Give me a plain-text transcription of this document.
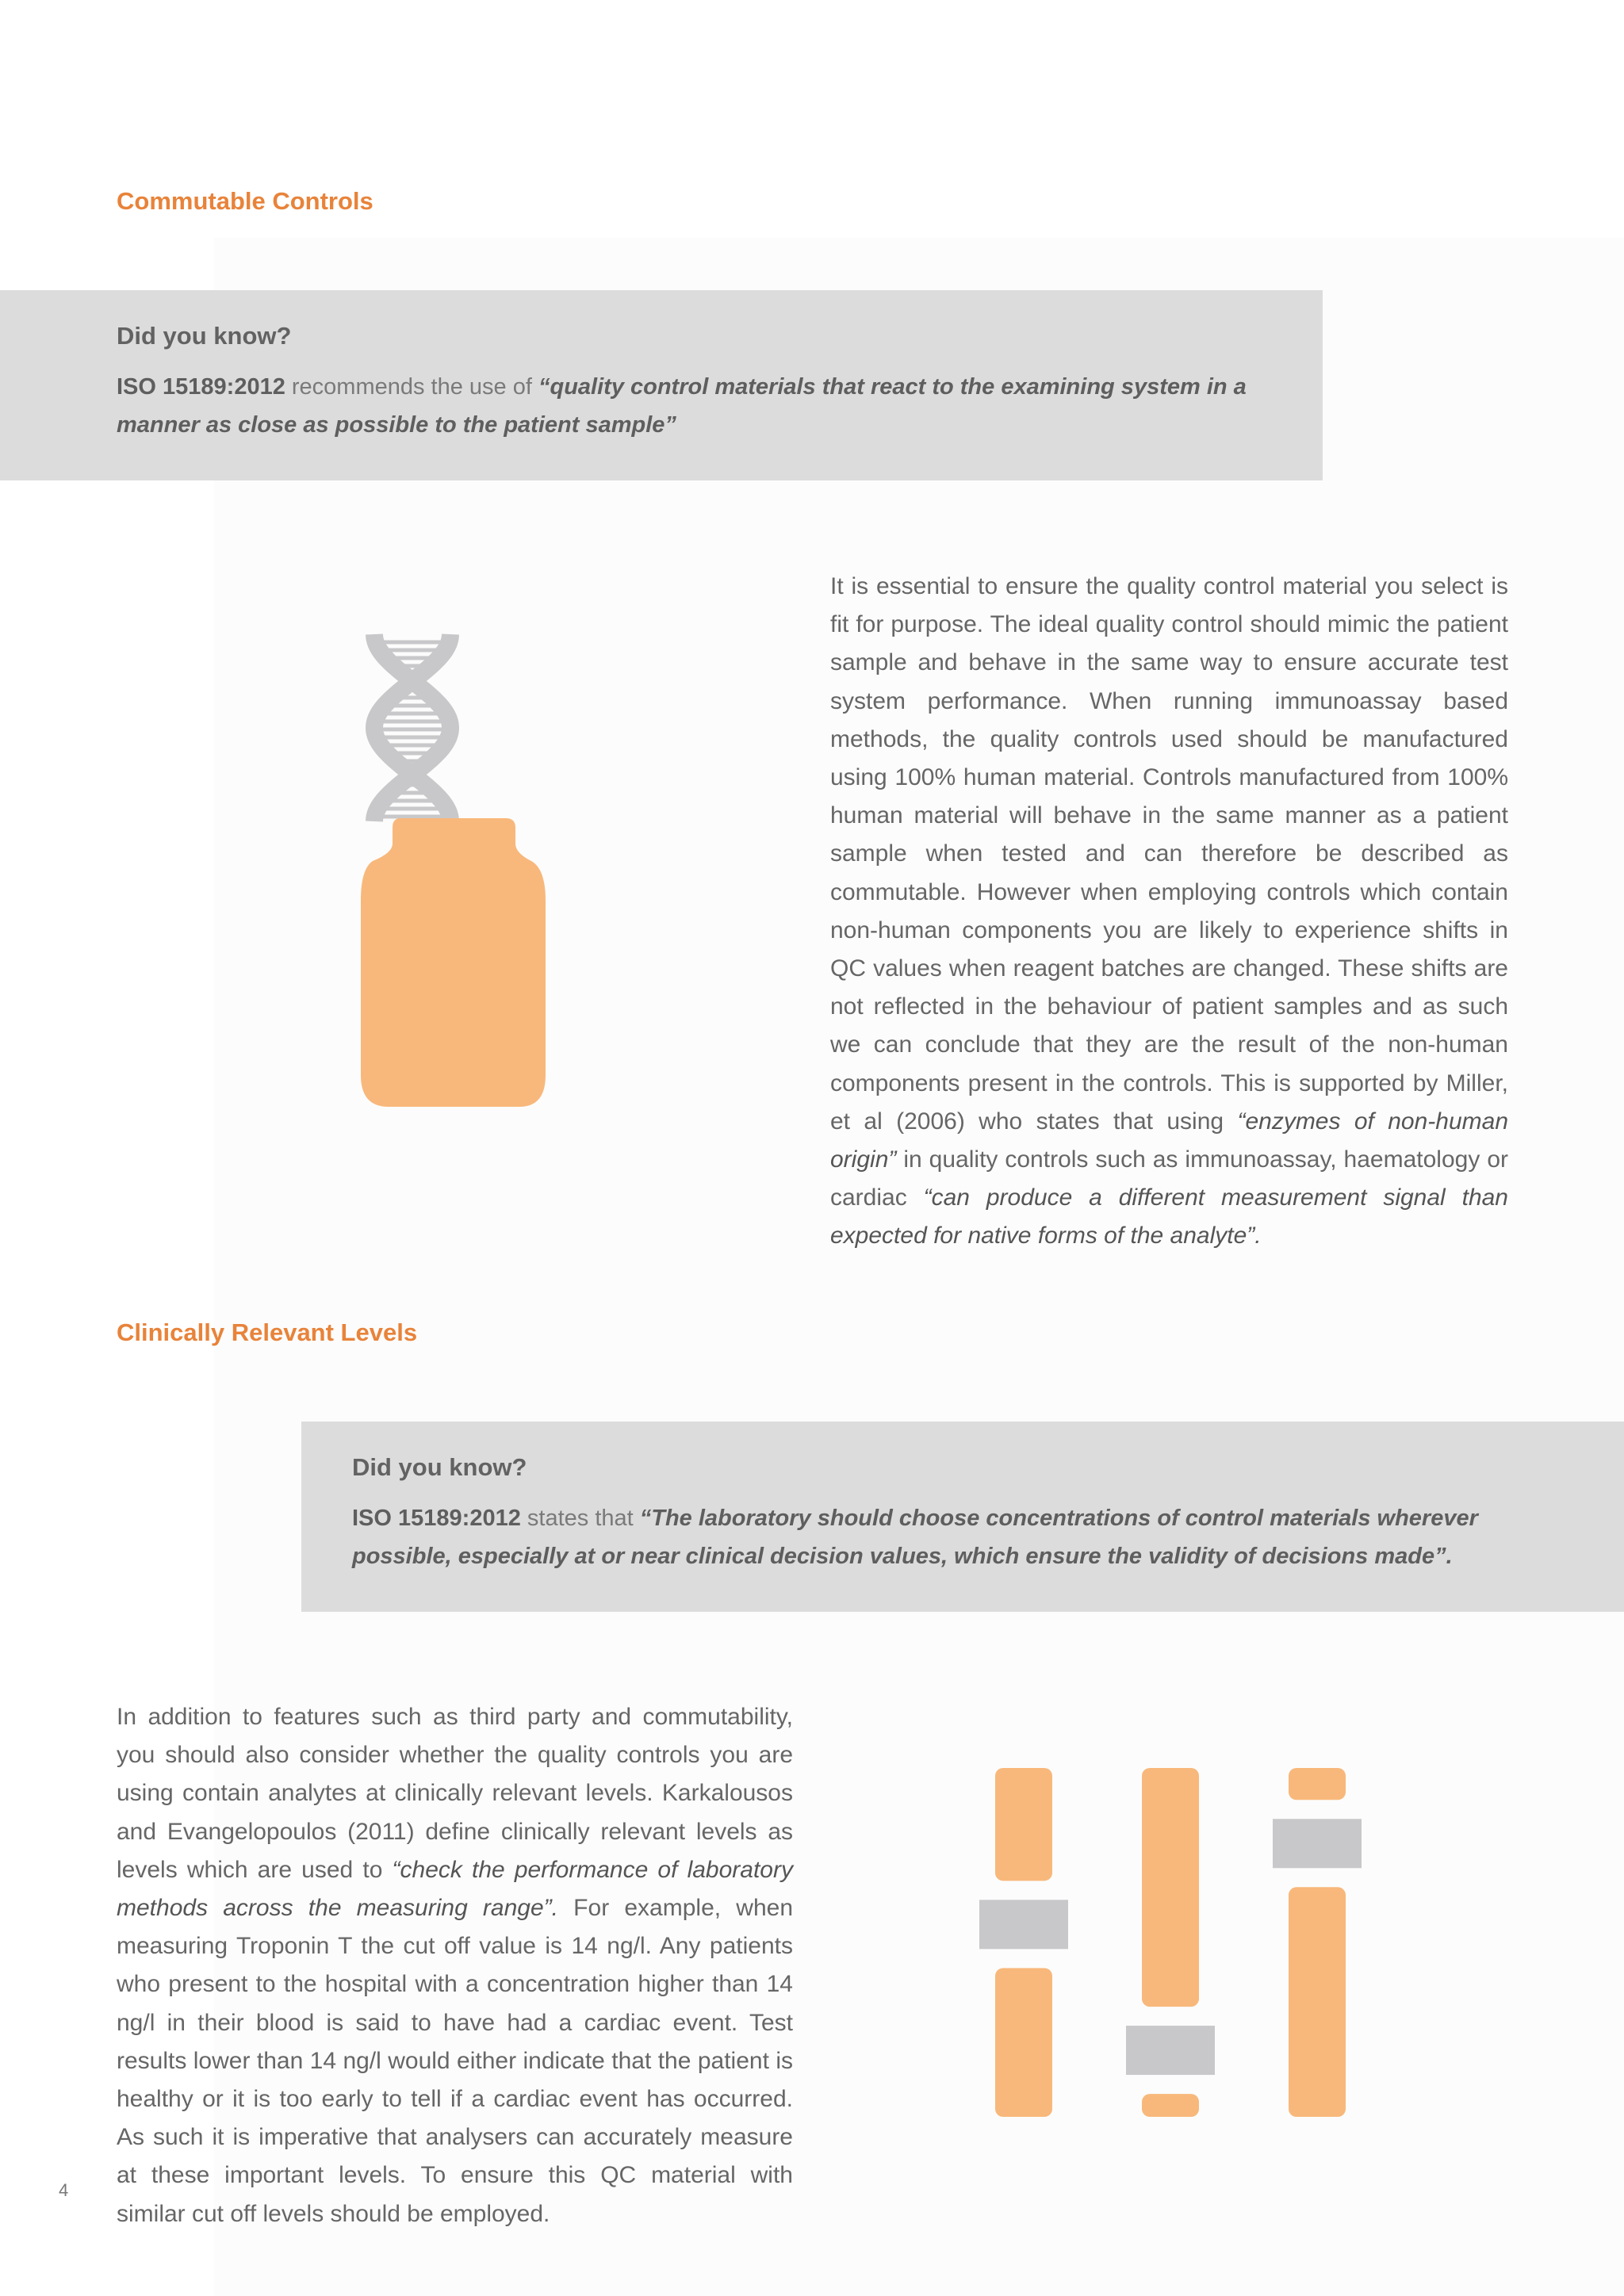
Commutable Controls

Did you know?

ISO 15189:2012 recommends the use of “quality control materials that react to the examining system in a manner as close as possible to the patient sample”

It is essential to ensure the quality control material you select is fit for purpose. The ideal quality control should mimic the patient sample and behave in the same way to ensure accurate test system performance. When running immunoassay based methods, the quality controls used should be manufactured using 100% human material. Controls manufactured from 100% human material will behave in the same manner as a patient sample when tested and can therefore be described as commutable. However when employing controls which contain non-human components you are likely to experience shifts in QC values when reagent batches are changed. These shifts are not reflected in the behaviour of patient samples and as such we can conclude that they are the result of the non-human components present in the controls. This is supported by Miller, et al (2006) who states that using “enzymes of non-human origin” in quality controls such as immunoassay, haematology or cardiac “can produce a different measurement signal than expected for native forms of the analyte”.

Clinically Relevant Levels

Did you know?

ISO 15189:2012 states that “The laboratory should choose concentrations of control materials wherever possible, especially at or near clinical decision values, which ensure the validity of decisions made”.

In addition to features such as third party and commutability, you should also consider whether the quality controls you are using contain analytes at clinically relevant levels. Karkalousos and Evangelopoulos (2011) define clinically relevant levels as levels which are used to “check the performance of laboratory methods across the measuring range”. For example, when measuring Troponin T the cut off value is 14 ng/l. Any patients who present to the hospital with a concentration higher than 14 ng/l in their blood is said to have had a cardiac event. Test results lower than 14 ng/l would either indicate that the patient is healthy or it is too early to tell if a cardiac event has occurred. As such it is imperative that analysers can accurately measure at these important levels. To ensure this QC material with similar cut off levels should be employed.

4
